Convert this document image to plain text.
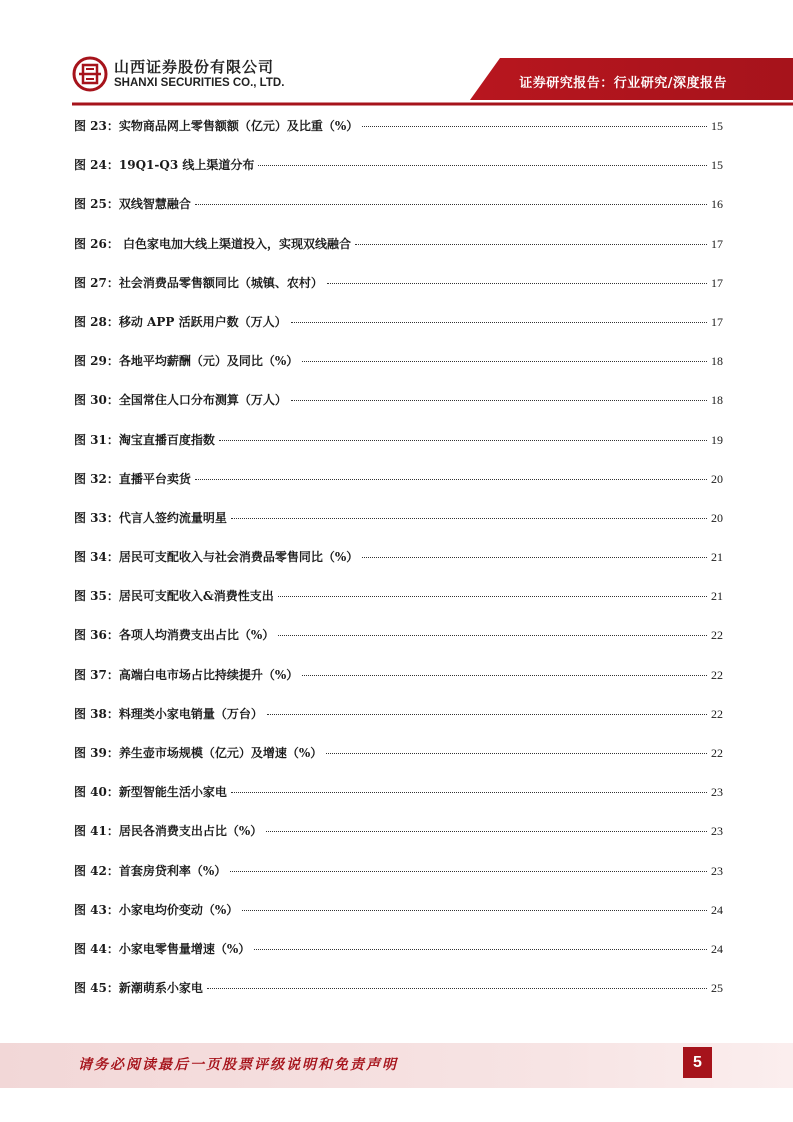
山西证券股份有限公司
SHANXI SECURITIES CO., LTD.	证券研究报告：行业研究/深度报告
图 23：实物商品网上零售额额（亿元）及比重（%）	15
图 24：19Q1-Q3 线上渠道分布	15
图 25：双线智慧融合	16
图 26： 白色家电加大线上渠道投入，实现双线融合	17
图 27：社会消费品零售额同比（城镇、农村）	17
图 28：移动 APP 活跃用户数（万人）	17
图 29：各地平均薪酬（元）及同比（%）	18
图 30：全国常住人口分布测算（万人）	18
图 31：淘宝直播百度指数	19
图 32：直播平台卖货	20
图 33：代言人签约流量明星	20
图 34：居民可支配收入与社会消费品零售同比（%）	21
图 35：居民可支配收入&消费性支出	21
图 36：各项人均消费支出占比（%）	22
图 37：高端白电市场占比持续提升（%）	22
图 38：料理类小家电销量（万台）	22
图 39：养生壶市场规模（亿元）及增速（%）	22
图 40：新型智能生活小家电	23
图 41：居民各消费支出占比（%）	23
图 42：首套房贷利率（%）	23
图 43：小家电均价变动（%）	24
图 44：小家电零售量增速（%）	24
图 45：新潮萌系小家电	25
请务必阅读最后一页股票评级说明和免责声明	5
